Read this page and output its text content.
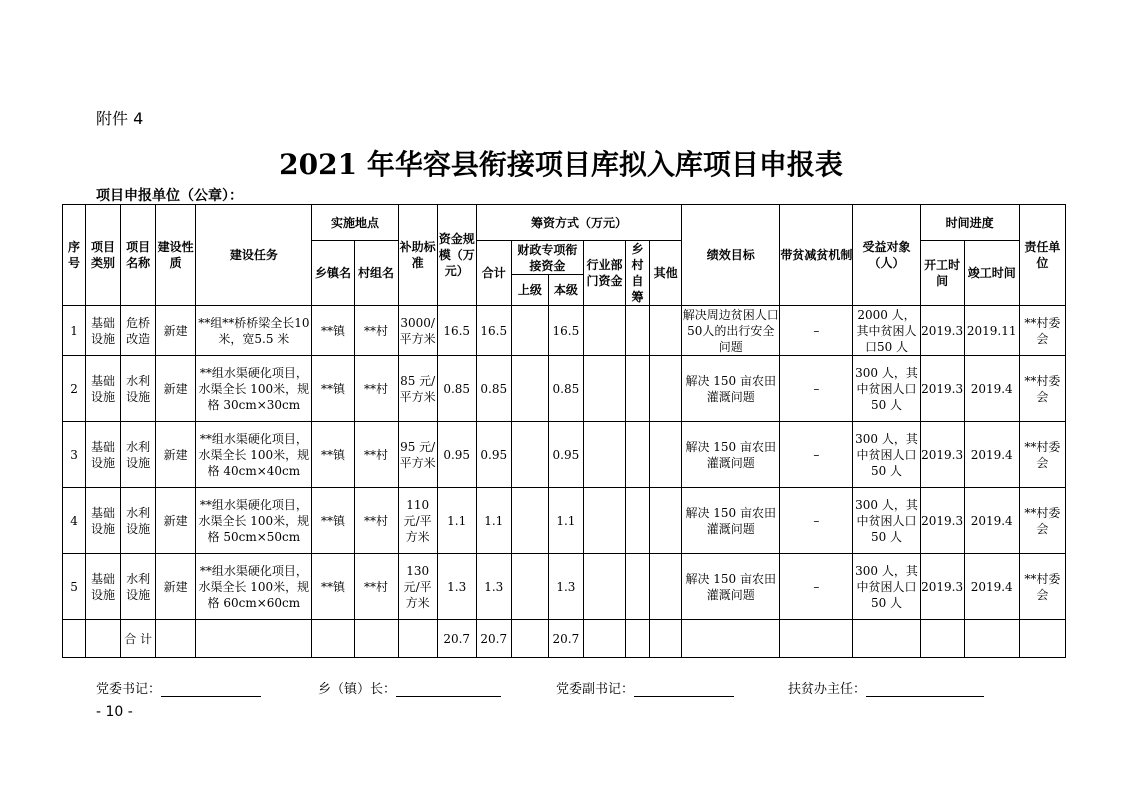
附件 4
2021 年华容县衔接项目库拟入库项目申报表
项目申报单位（公章）：
序号	项目类别	项目名称	建设性质	建设任务	实施地点		补助标准	资金规模（万元）	筹资方式（万元）						绩效目标	带贫减贫机制	受益对象（人）	时间进度		责任单位
					乡镇名	村组名			合计	财政专项衔接资金		行业部门资金	乡村自筹	其他				开工时间	竣工时间	
										上级	本级									
1	基础设施	危桥改造	新建	**组**桥桥梁全长10 米，宽5.5 米	**镇	**村	3000/平方米	16.5	16.5		16.5				解决周边贫困人口50人的出行安全问题	–	2000 人，其中贫困人口50 人	2019.3	2019.11	**村委会
2	基础设施	水利设施	新建	**组水渠硬化项目，水渠全长 100米，规格 30cm×30cm	**镇	**村	85 元/平方米	0.85	0.85		0.85				解决 150 亩农田灌溉问题	–	300 人，其中贫困人口 50 人	2019.3	2019.4	**村委会
3	基础设施	水利设施	新建	**组水渠硬化项目，水渠全长 100米，规格 40cm×40cm	**镇	**村	95 元/平方米	0.95	0.95		0.95				解决 150 亩农田灌溉问题	–	300 人，其中贫困人口 50 人	2019.3	2019.4	**村委会
4	基础设施	水利设施	新建	**组水渠硬化项目，水渠全长 100米，规格 50cm×50cm	**镇	**村	110 元/平方米	1.1	1.1		1.1				解决 150 亩农田灌溉问题	–	300 人，其中贫困人口 50 人	2019.3	2019.4	**村委会
5	基础设施	水利设施	新建	**组水渠硬化项目，水渠全长 100米，规格 60cm×60cm	**镇	**村	130 元/平方米	1.3	1.3		1.3				解决 150 亩农田灌溉问题	–	300 人，其中贫困人口 50 人	2019.3	2019.4	**村委会
		合 计						20.7	20.7		20.7									
党委书记：	乡（镇）长：	党委副书记：	扶贫办主任：
- 10 -
